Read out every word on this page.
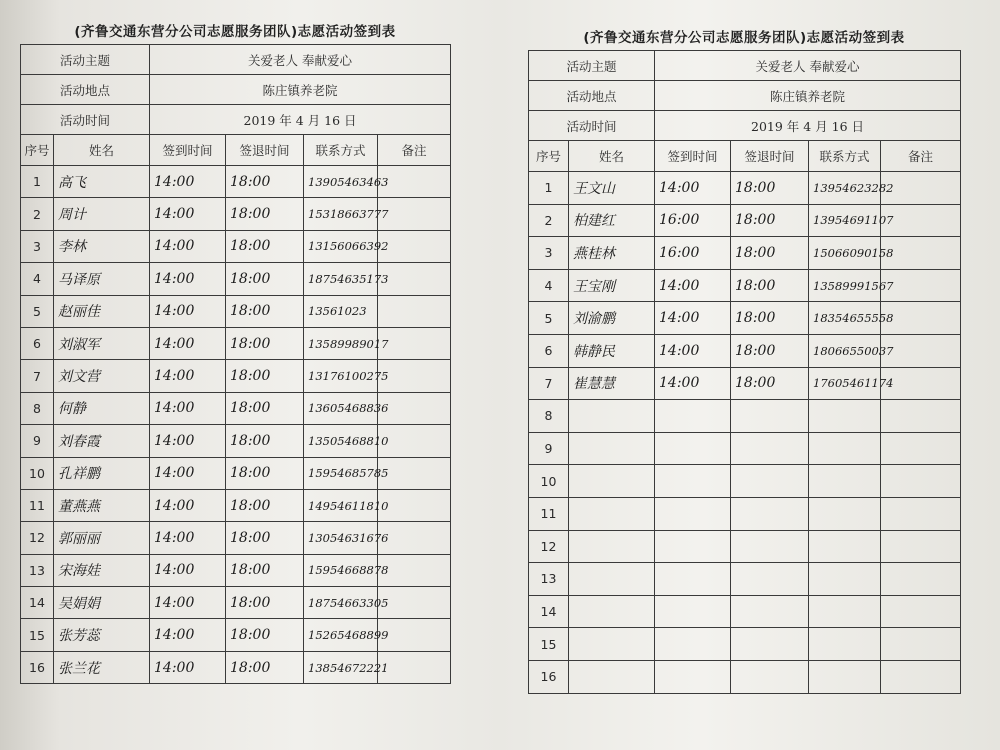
(齐鲁交通东营分公司志愿服务团队)志愿活动签到表
活动主题		关爱老人 奉献爱心			
活动地点		陈庄镇养老院			
活动时间		2019 年 4 月 16 日			
序号	姓名	签到时间	签退时间	联系方式	备注
1	高飞	14:00	18:00	13905463463	
2	周计	14:00	18:00	15318663777	
3	李林	14:00	18:00	13156066392	
4	马译原	14:00	18:00	18754635173	
5	赵丽佳	14:00	18:00	13561023	
6	刘淑军	14:00	18:00	13589989017	
7	刘文营	14:00	18:00	13176100275	
8	何静	14:00	18:00	13605468836	
9	刘春霞	14:00	18:00	13505468810	
10	孔祥鹏	14:00	18:00	15954685785	
11	董燕燕	14:00	18:00	14954611810	
12	郭丽丽	14:00	18:00	13054631676	
13	宋海娃	14:00	18:00	15954668878	
14	吴娟娟	14:00	18:00	18754663305	
15	张芳蕊	14:00	18:00	15265468899	
16	张兰花	14:00	18:00	13854672221	
(齐鲁交通东营分公司志愿服务团队)志愿活动签到表
活动主题		关爱老人 奉献爱心			
活动地点		陈庄镇养老院			
活动时间		2019 年 4 月 16 日			
序号	姓名	签到时间	签退时间	联系方式	备注
1	王文山	14:00	18:00	13954623282	
2	柏建红	16:00	18:00	13954691107	
3	燕桂林	16:00	18:00	15066090158	
4	王宝刚	14:00	18:00	13589991567	
5	刘渝鹏	14:00	18:00	18354655558	
6	韩静民	14:00	18:00	18066550037	
7	崔慧慧	14:00	18:00	17605461174	
8					
9					
10					
11					
12					
13					
14					
15					
16					
